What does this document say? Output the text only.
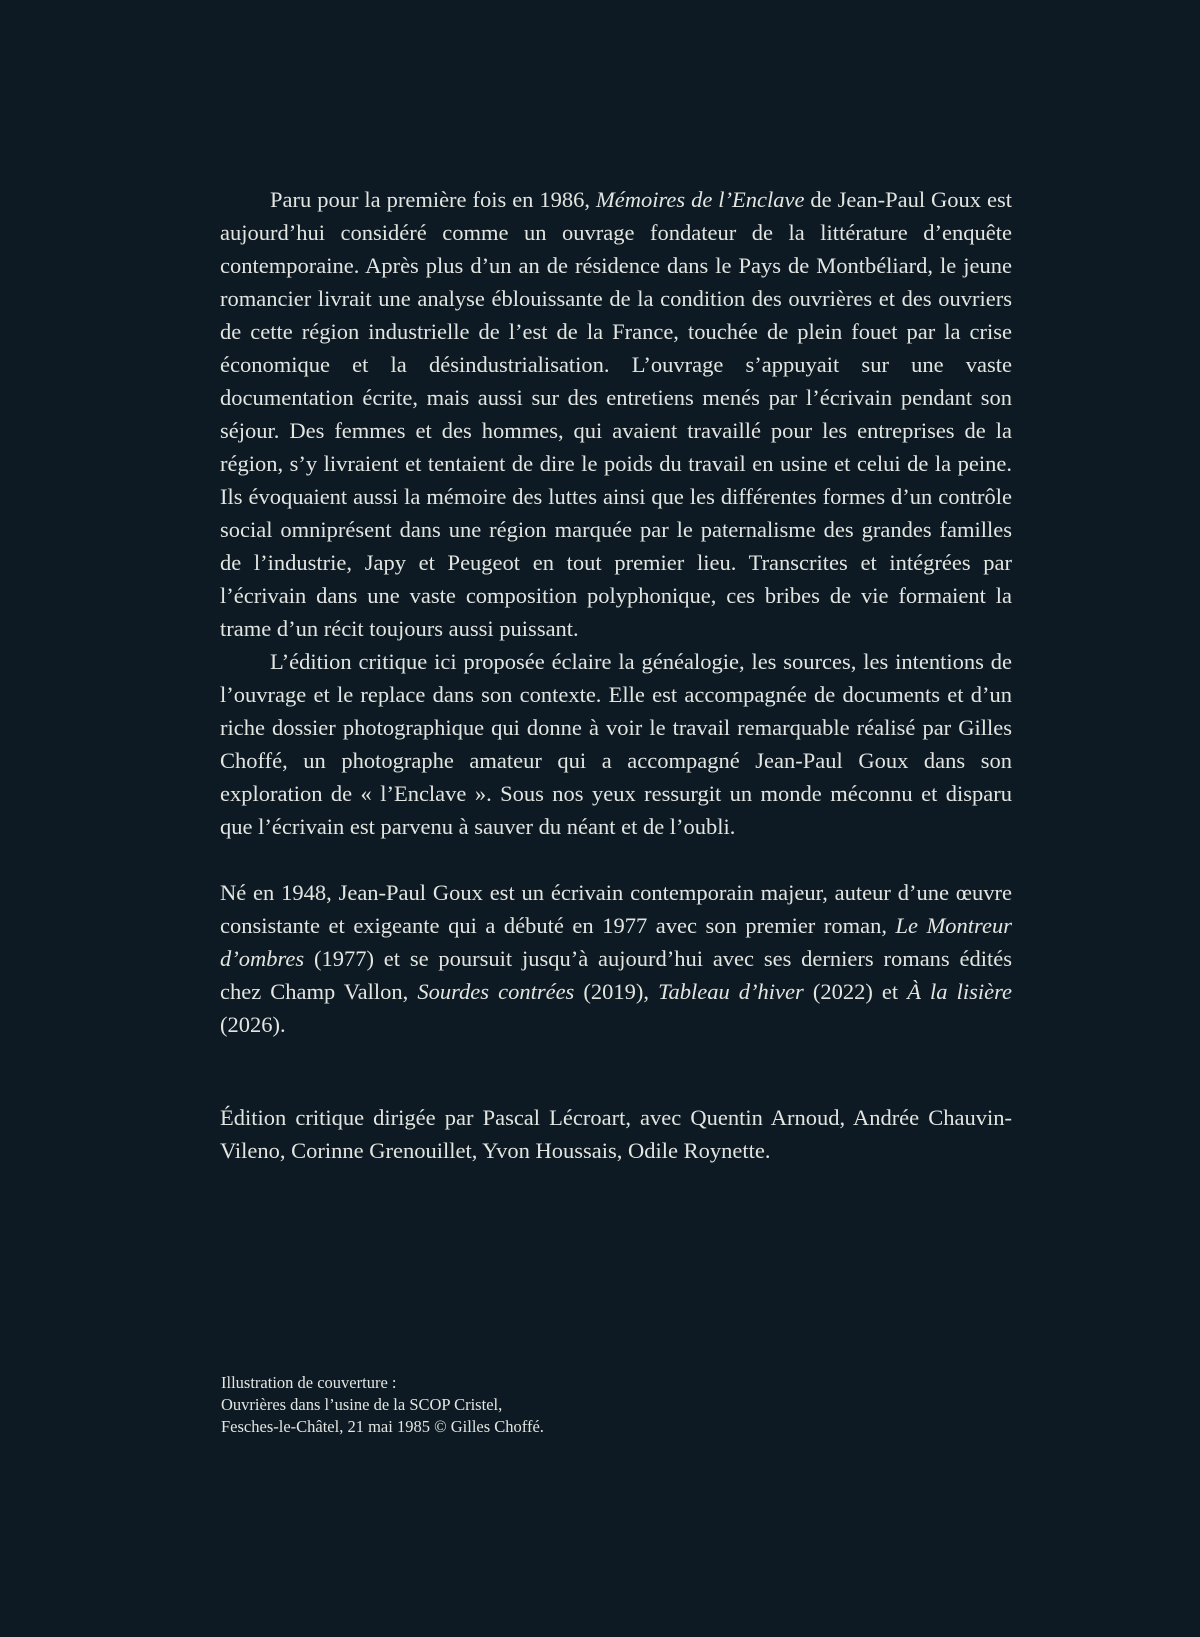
Paru pour la première fois en 1986, Mémoires de l’Enclave de Jean-Paul Goux est aujourd’hui considéré comme un ouvrage fondateur de la littérature d’enquête contemporaine. Après plus d’un an de résidence dans le Pays de Montbéliard, le jeune romancier livrait une analyse éblouissante de la condition des ouvrières et des ouvriers de cette région industrielle de l’est de la France, touchée de plein fouet par la crise économique et la désindustrialisation. L’ouvrage s’appuyait sur une vaste documentation écrite, mais aussi sur des entretiens menés par l’écrivain pendant son séjour. Des femmes et des hommes, qui avaient travaillé pour les entreprises de la région, s’y livraient et tentaient de dire le poids du travail en usine et celui de la peine. Ils évoquaient aussi la mémoire des luttes ainsi que les différentes formes d’un contrôle social omniprésent dans une région marquée par le paternalisme des grandes familles de l’industrie, Japy et Peugeot en tout premier lieu. Transcrites et intégrées par l’écrivain dans une vaste composition polyphonique, ces bribes de vie formaient la trame d’un récit toujours aussi puissant.

L’édition critique ici proposée éclaire la généalogie, les sources, les intentions de l’ouvrage et le replace dans son contexte. Elle est accompagnée de documents et d’un riche dossier photographique qui donne à voir le travail remarquable réalisé par Gilles Choffé, un photographe amateur qui a accompagné Jean-Paul Goux dans son exploration de « l’Enclave ». Sous nos yeux ressurgit un monde méconnu et disparu que l’écrivain est parvenu à sauver du néant et de l’oubli.

Né en 1948, Jean-Paul Goux est un écrivain contemporain majeur, auteur d’une œuvre consistante et exigeante qui a débuté en 1977 avec son premier roman, Le Montreur d’ombres (1977) et se poursuit jusqu’à aujourd’hui avec ses derniers romans édités chez Champ Vallon, Sourdes contrées (2019), Tableau d’hiver (2022) et À la lisière (2026).

Édition critique dirigée par Pascal Lécroart, avec Quentin Arnoud, Andrée Chauvin-Vileno, Corinne Grenouillet, Yvon Houssais, Odile Roynette.

Illustration de couverture :

Ouvrières dans l’usine de la SCOP Cristel,

Fesches-le-Châtel, 21 mai 1985 © Gilles Choffé.
